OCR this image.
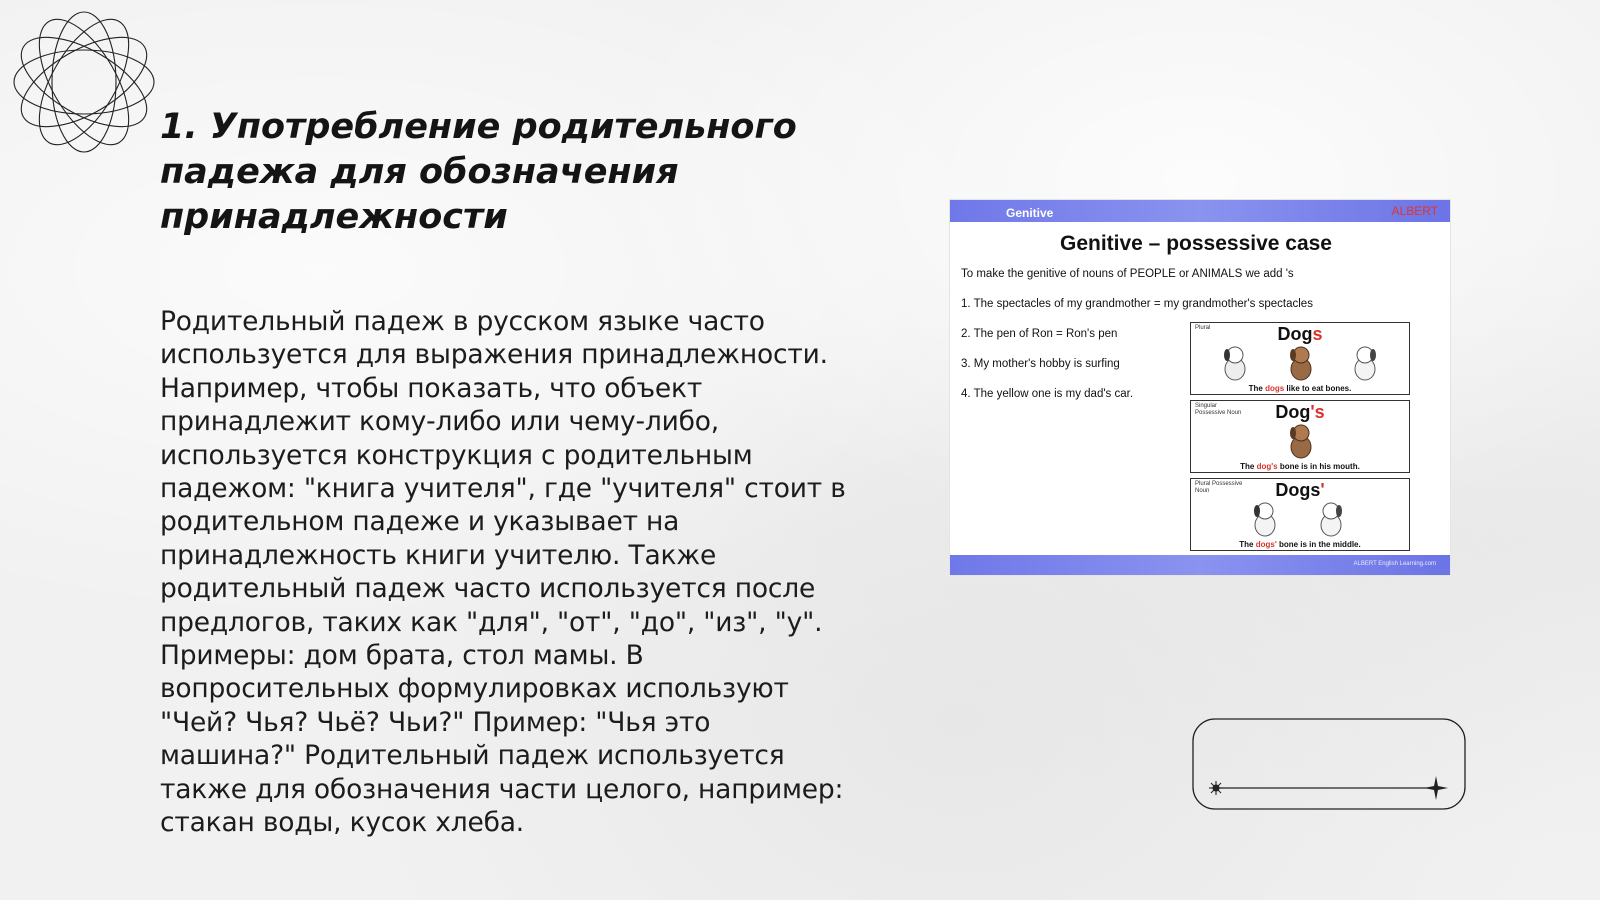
1. Употребление родительного падежа для обозначения принадлежности
Родительный падеж в русском языке часто используется для выражения принадлежности. Например, чтобы показать, что объект принадлежит кому-либо или чему-либо, используется конструкция с родительным падежом: "книга учителя", где "учителя" стоит в родительном падеже и указывает на принадлежность книги учителю. Также родительный падеж часто используется после предлогов, таких как "для", "от", "до", "из", "у". Примеры: дом брата, стол мамы. В вопросительных формулировках используют "Чей? Чья? Чьё? Чьи?" Пример: "Чья это машина?" Родительный падеж используется также для обозначения части целого, например: стакан воды, кусок хлеба.
Genitive	ALBERT
Genitive – possessive case
To make the genitive of nouns of PEOPLE or ANIMALS we add 's
1. The spectacles of my grandmother = my grandmother's spectacles
2. The pen of Ron = Ron's pen
3. My mother's hobby is surfing
4. The yellow one is my dad's car.
Plural	Dogs
The dogs like to eat bones.
Singular Possessive Noun	Dog's
The dog's bone is in his mouth.
Plural Possessive Noun	Dogs'
The dogs' bone is in the middle.
ALBERT English Learning.com
